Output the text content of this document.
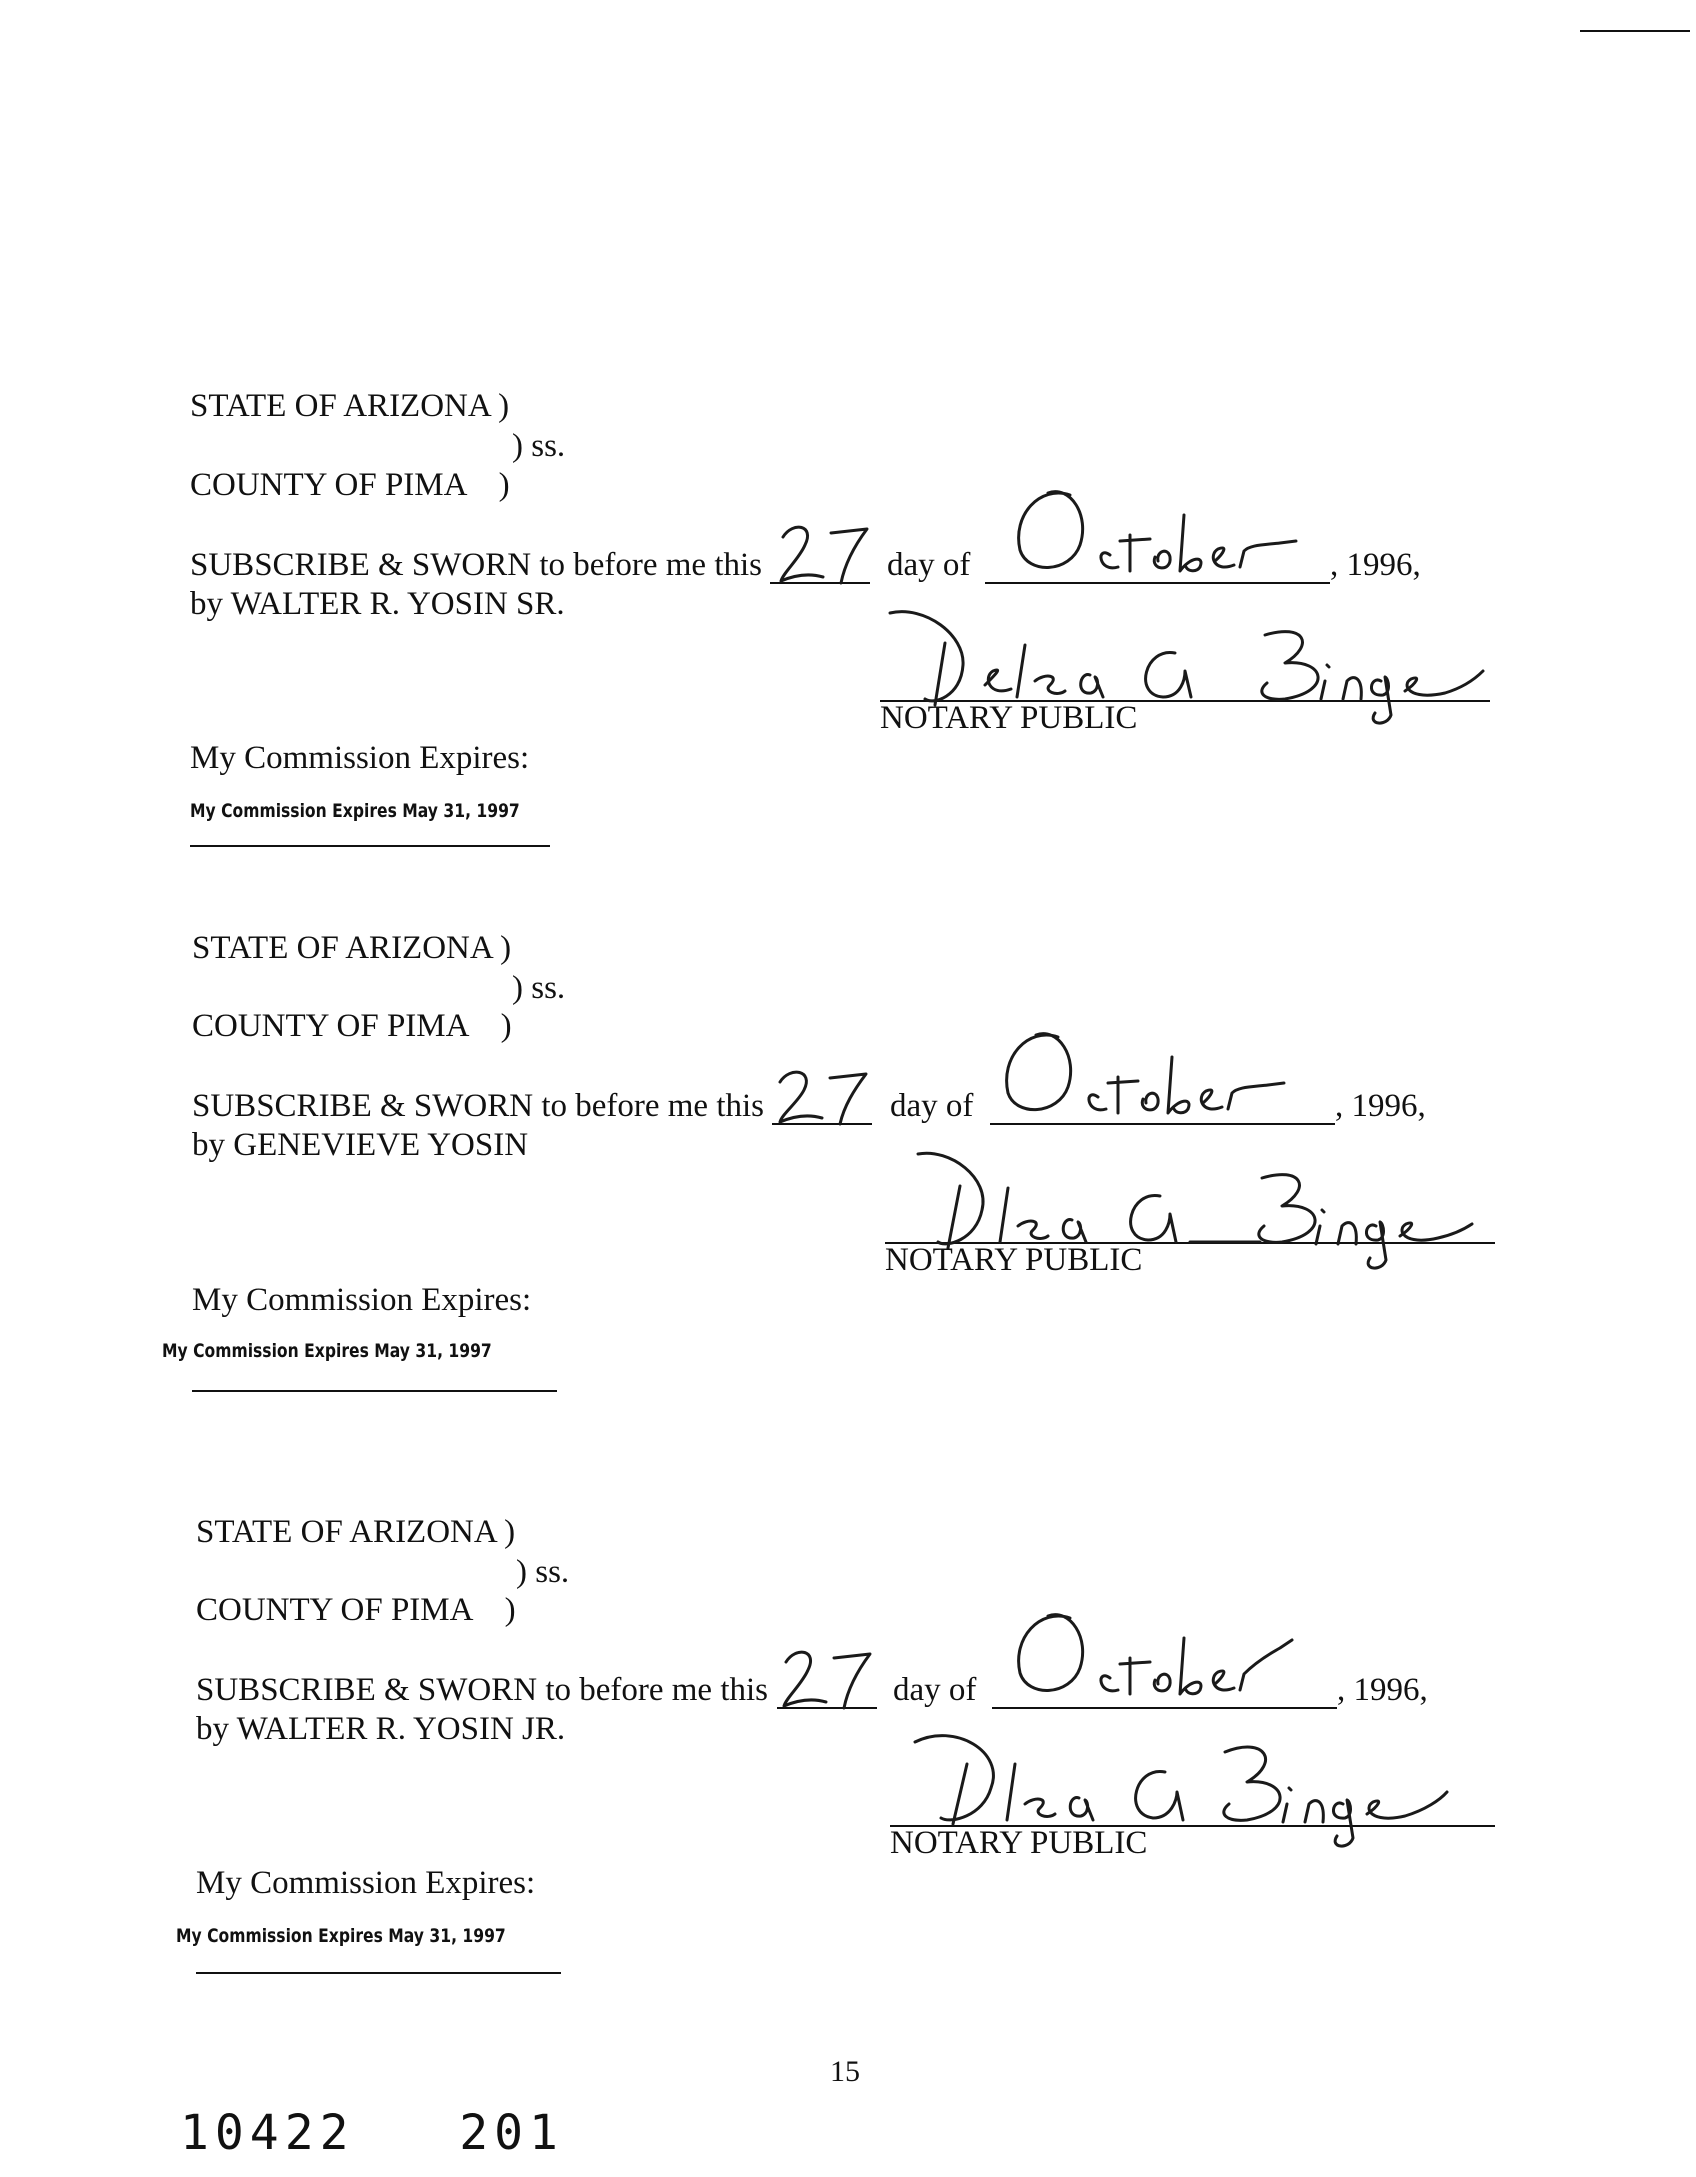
STATE OF ARIZONA )
) ss.
COUNTY OF PIMA    )
SUBSCRIBE & SWORN to before me this	day of	, 1996,
by WALTER R. YOSIN SR.
NOTARY PUBLIC
My Commission Expires:
My Commission Expires May 31, 1997
STATE OF ARIZONA )
) ss.
COUNTY OF PIMA    )
SUBSCRIBE & SWORN to before me this	day of	, 1996,
by GENEVIEVE YOSIN
NOTARY PUBLIC
My Commission Expires:
My Commission Expires May 31, 1997
STATE OF ARIZONA )
) ss.
COUNTY OF PIMA    )
SUBSCRIBE & SWORN to before me this	day of	, 1996,
by WALTER R. YOSIN JR.
NOTARY PUBLIC
My Commission Expires:
My Commission Expires May 31, 1997
15
10422   201
